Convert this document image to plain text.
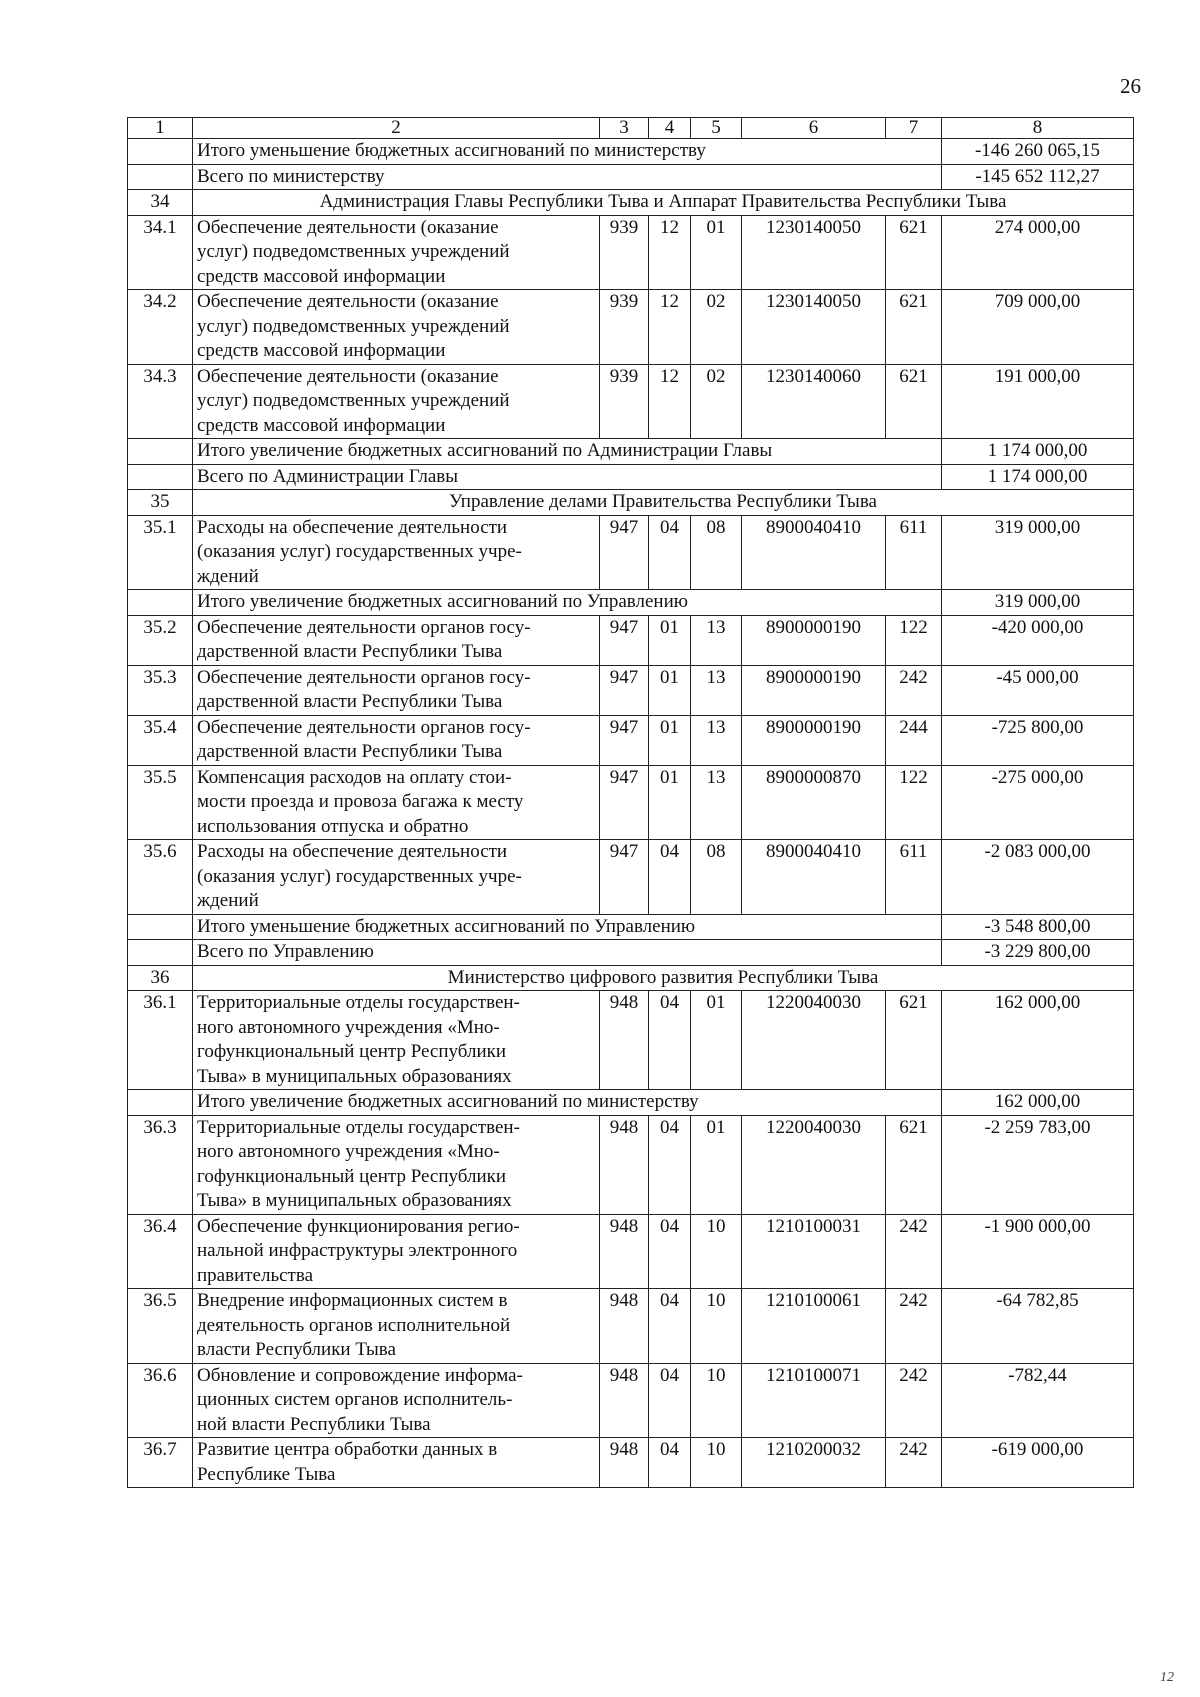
26
1	2	3	4	5	6	7	8
	Итого уменьшение бюджетных ассигнований по министерству						-146 260 065,15
	Всего по министерству						-145 652 112,27
34	Администрация Главы Республики Тыва и Аппарат Правительства Республики Тыва						
34.1	Обеспечение деятельности (оказание
услуг) подведомственных учреждений
средств массовой информации	939	12	01	1230140050	621	274 000,00
34.2	Обеспечение деятельности (оказание
услуг) подведомственных учреждений
средств массовой информации	939	12	02	1230140050	621	709 000,00
34.3	Обеспечение деятельности (оказание
услуг) подведомственных учреждений
средств массовой информации	939	12	02	1230140060	621	191 000,00
	Итого увеличение бюджетных ассигнований по Администрации Главы						1 174 000,00
	Всего по Администрации Главы						1 174 000,00
35	Управление делами Правительства Республики Тыва						
35.1	Расходы на обеспечение деятельности
(оказания услуг) государственных учре-
ждений	947	04	08	8900040410	611	319 000,00
	Итого увеличение бюджетных ассигнований по Управлению						319 000,00
35.2	Обеспечение деятельности органов госу-
дарственной власти Республики Тыва	947	01	13	8900000190	122	-420 000,00
35.3	Обеспечение деятельности органов госу-
дарственной власти Республики Тыва	947	01	13	8900000190	242	-45 000,00
35.4	Обеспечение деятельности органов госу-
дарственной власти Республики Тыва	947	01	13	8900000190	244	-725 800,00
35.5	Компенсация расходов на оплату стои-
мости проезда и провоза багажа к месту
использования отпуска и обратно	947	01	13	8900000870	122	-275 000,00
35.6	Расходы на обеспечение деятельности
(оказания услуг) государственных учре-
ждений	947	04	08	8900040410	611	-2 083 000,00
	Итого уменьшение бюджетных ассигнований по Управлению						-3 548 800,00
	Всего по Управлению						-3 229 800,00
36	Министерство цифрового развития Республики Тыва						
36.1	Территориальные отделы государствен-
ного автономного учреждения «Мно-
гофункциональный центр Республики
Тыва» в муниципальных образованиях	948	04	01	1220040030	621	162 000,00
	Итого увеличение бюджетных ассигнований по министерству						162 000,00
36.3	Территориальные отделы государствен-
ного автономного учреждения «Мно-
гофункциональный центр Республики
Тыва» в муниципальных образованиях	948	04	01	1220040030	621	-2 259 783,00
36.4	Обеспечение функционирования регио-
нальной инфраструктуры электронного
правительства	948	04	10	1210100031	242	-1 900 000,00
36.5	Внедрение информационных систем в
деятельность органов исполнительной
власти Республики Тыва	948	04	10	1210100061	242	-64 782,85
36.6	Обновление и сопровождение информа-
ционных систем органов исполнитель-
ной власти Республики Тыва	948	04	10	1210100071	242	-782,44
36.7	Развитие центра обработки данных в
Республике Тыва	948	04	10	1210200032	242	-619 000,00
12
